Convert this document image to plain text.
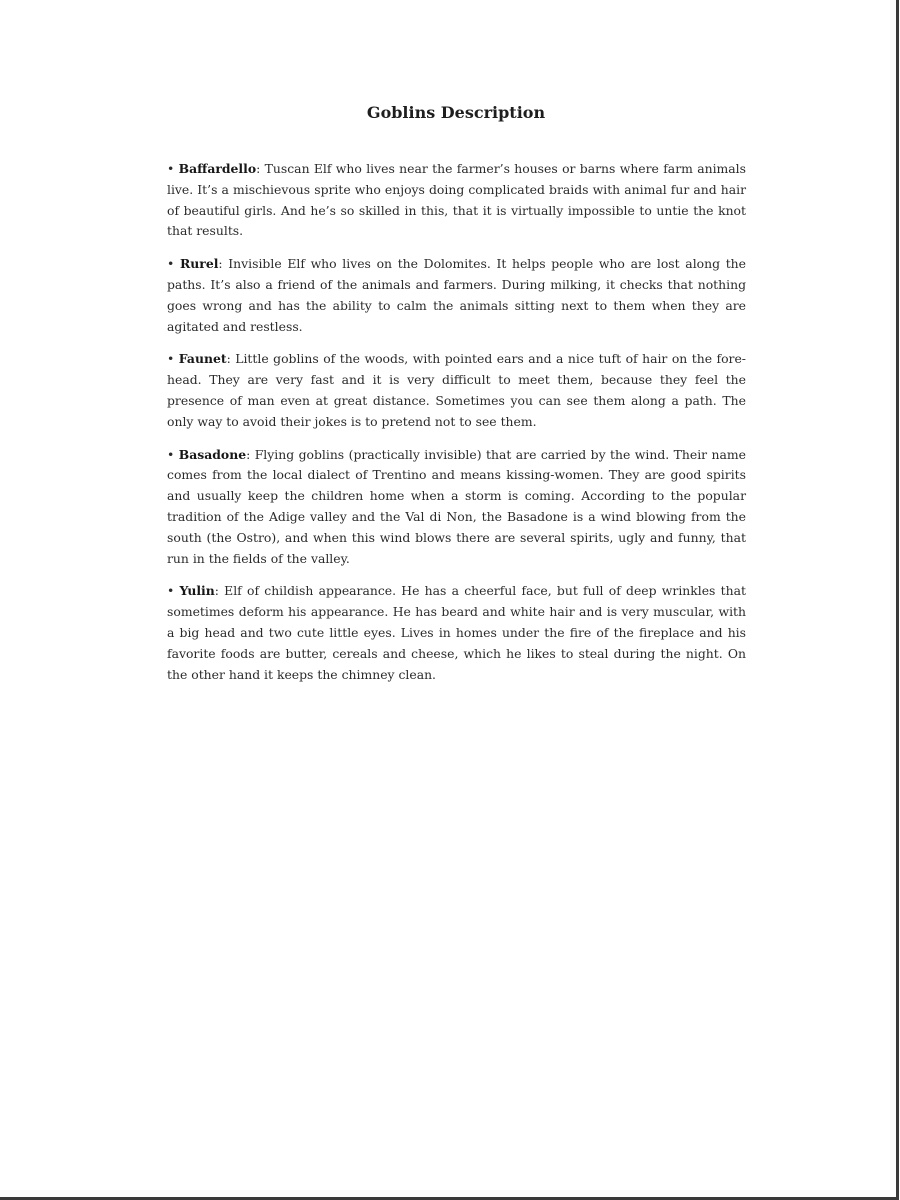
Goblins Description

• Baffardello: Tuscan Elf who lives near the farmer’s houses or barns where farm animals live. It’s a mischievous sprite who enjoys doing complicated braids with animal fur and hair of beautiful girls. And he’s so skilled in this, that it is virtually impossible to untie the knot that results.

• Rurel: Invisible Elf who lives on the Dolomites. It helps people who are lost along the paths. It’s also a friend of the animals and farmers. During milking, it checks that nothing goes wrong and has the ability to calm the animals sitting next to them when they are agitated and restless.

• Faunet: Little goblins of the woods, with pointed ears and a nice tuft of hair on the fore-head. They are very fast and it is very difficult to meet them, because they feel the presence of man even at great distance. Sometimes you can see them along a path. The only way to avoid their jokes is to pretend not to see them.

• Basadone: Flying goblins (practically invisible) that are carried by the wind. Their name comes from the local dialect of Trentino and means kissing-women. They are good spirits and usually keep the children home when a storm is coming. According to the popular tradition of the Adige valley and the Val di Non, the Basadone is a wind blowing from the south (the Ostro), and when this wind blows there are several spirits, ugly and funny, that run in the fields of the valley.

• Yulin: Elf of childish appearance. He has a cheerful face, but full of deep wrinkles that sometimes deform his appearance. He has beard and white hair and is very muscular, with a big head and two cute little eyes. Lives in homes under the fire of the fireplace and his favorite foods are butter, cereals and cheese, which he likes to steal during the night. On the other hand it keeps the chimney clean.
